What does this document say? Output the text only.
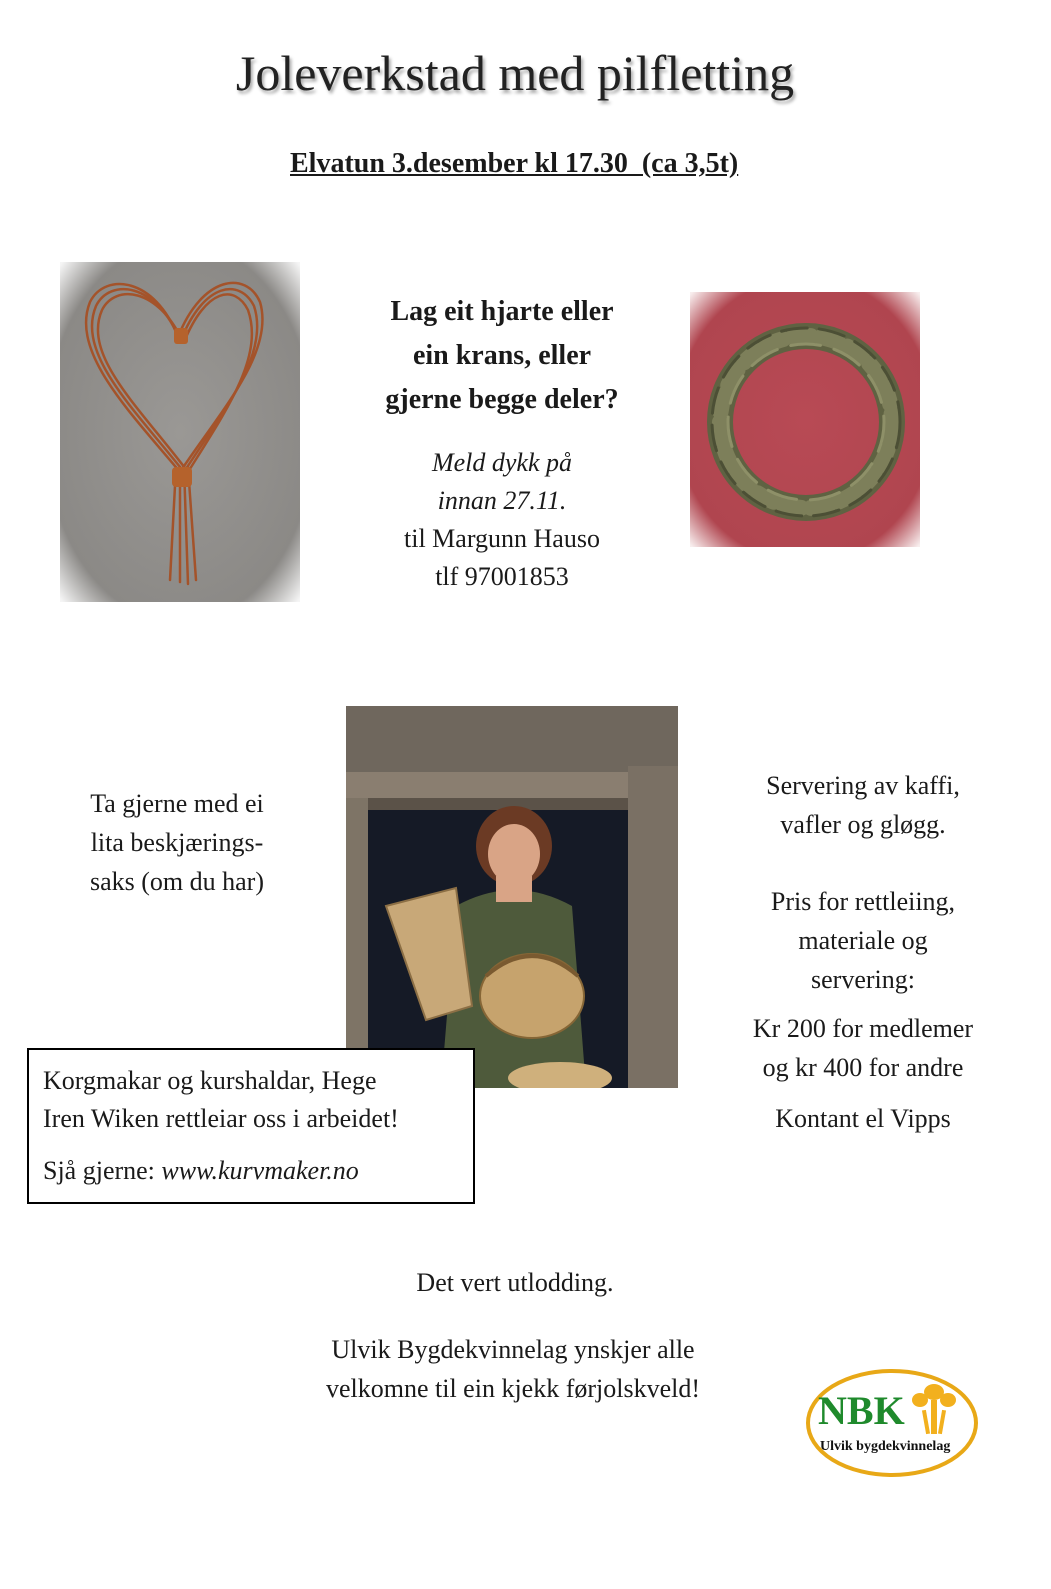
Joleverkstad med pilfletting
Elvatun 3.desember kl 17.30  (ca 3,5t)
Lag eit hjarte eller
ein krans, eller
gjerne begge deler?
Meld dykk på
innan 27.11.
til Margunn Hauso
tlf 97001853
Ta gjerne med ei
lita beskjærings-
saks (om du har)

Servering av kaffi,

vafler og gløgg.

Pris for rettleiing,

materiale og

servering:

Kr 200 for medlemer

og kr 400 for andre

Kontant el Vipps

Korgmakar og kurshaldar, Hege
Iren Wiken rettleiar oss i arbeidet!
Sjå gjerne: www.kurvmaker.no
Det vert utlodding.
Ulvik Bygdekvinnelag ynskjer alle
velkomne til ein kjekk førjolskveld!	NBK
Ulvik bygdekvinnelag
